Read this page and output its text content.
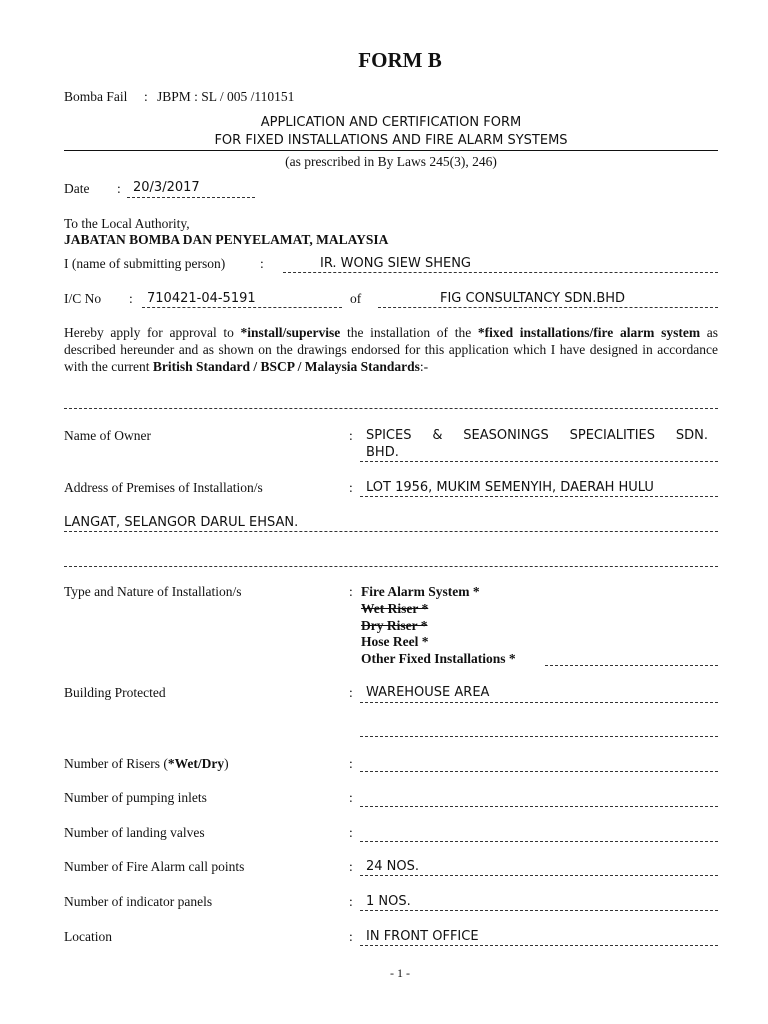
FORM B
Bomba Fail : JBPM : SL / 005 /110151
APPLICATION AND CERTIFICATION FORM
FOR FIXED INSTALLATIONS AND FIRE ALARM SYSTEMS
(as prescribed in By Laws 245(3), 246)
Date : 20/3/2017
To the Local Authority,
JABATAN BOMBA DAN PENYELAMAT, MALAYSIA
I (name of submitting person)	:	IR. WONG SIEW SHENG
I/C No : 710421-04-5191	of	FIG CONSULTANCY SDN.BHD
Hereby apply for approval to *install/supervise the installation of the *fixed installations/fire alarm system as described hereunder and as shown on the drawings endorsed for this application which I have designed in accordance with the current British Standard / BSCP / Malaysia Standards:-
Name of Owner	: SPICES & SEASONINGS SPECIALITIES SDN.
BHD.
Address of Premises of Installation/s	: LOT 1956, MUKIM SEMENYIH, DAERAH HULU
LANGAT, SELANGOR DARUL EHSAN.
Type and Nature of Installation/s	: Fire Alarm System *
Wet Riser *
Dry Riser *
Hose Reel *
Other Fixed Installations *
Building Protected	: WAREHOUSE AREA
Number of Risers (*Wet/Dry)	:
Number of pumping inlets	:
Number of landing valves	:
Number of Fire Alarm call points	: 24 NOS.
Number of indicator panels	: 1 NOS.
Location	: IN FRONT OFFICE
- 1 -
